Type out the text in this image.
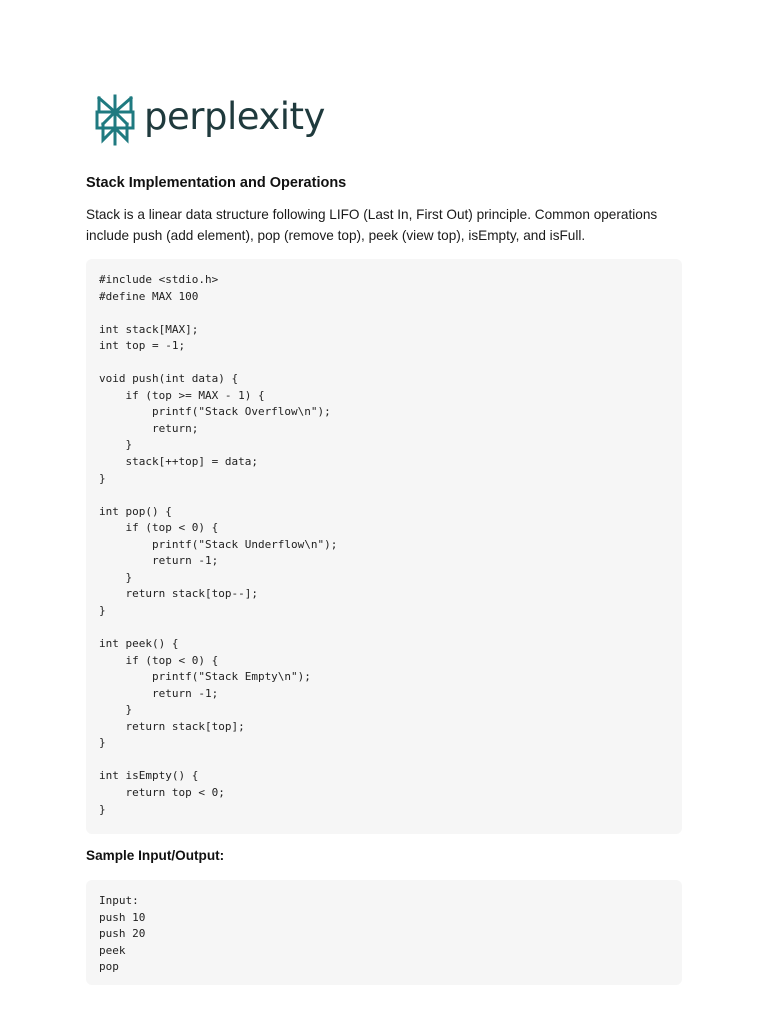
perplexity
Stack Implementation and Operations

Stack is a linear data structure following LIFO (Last In, First Out) principle. Common operations include push (add element), pop (remove top), peek (view top), isEmpty, and isFull.

#include <stdio.h>
#define MAX 100

int stack[MAX];
int top = -1;

void push(int data) {
if (top >= MAX - 1) {
printf("Stack Overflow\n");
return;
}
stack[++top] = data;
}

int pop() {
if (top < 0) {
printf("Stack Underflow\n");
return -1;
}
return stack[top--];
}

int peek() {
if (top < 0) {
printf("Stack Empty\n");
return -1;
}
return stack[top];
}

int isEmpty() {
return top < 0;
}
Sample Input/Output:
Input:
push 10
push 20
peek
pop
